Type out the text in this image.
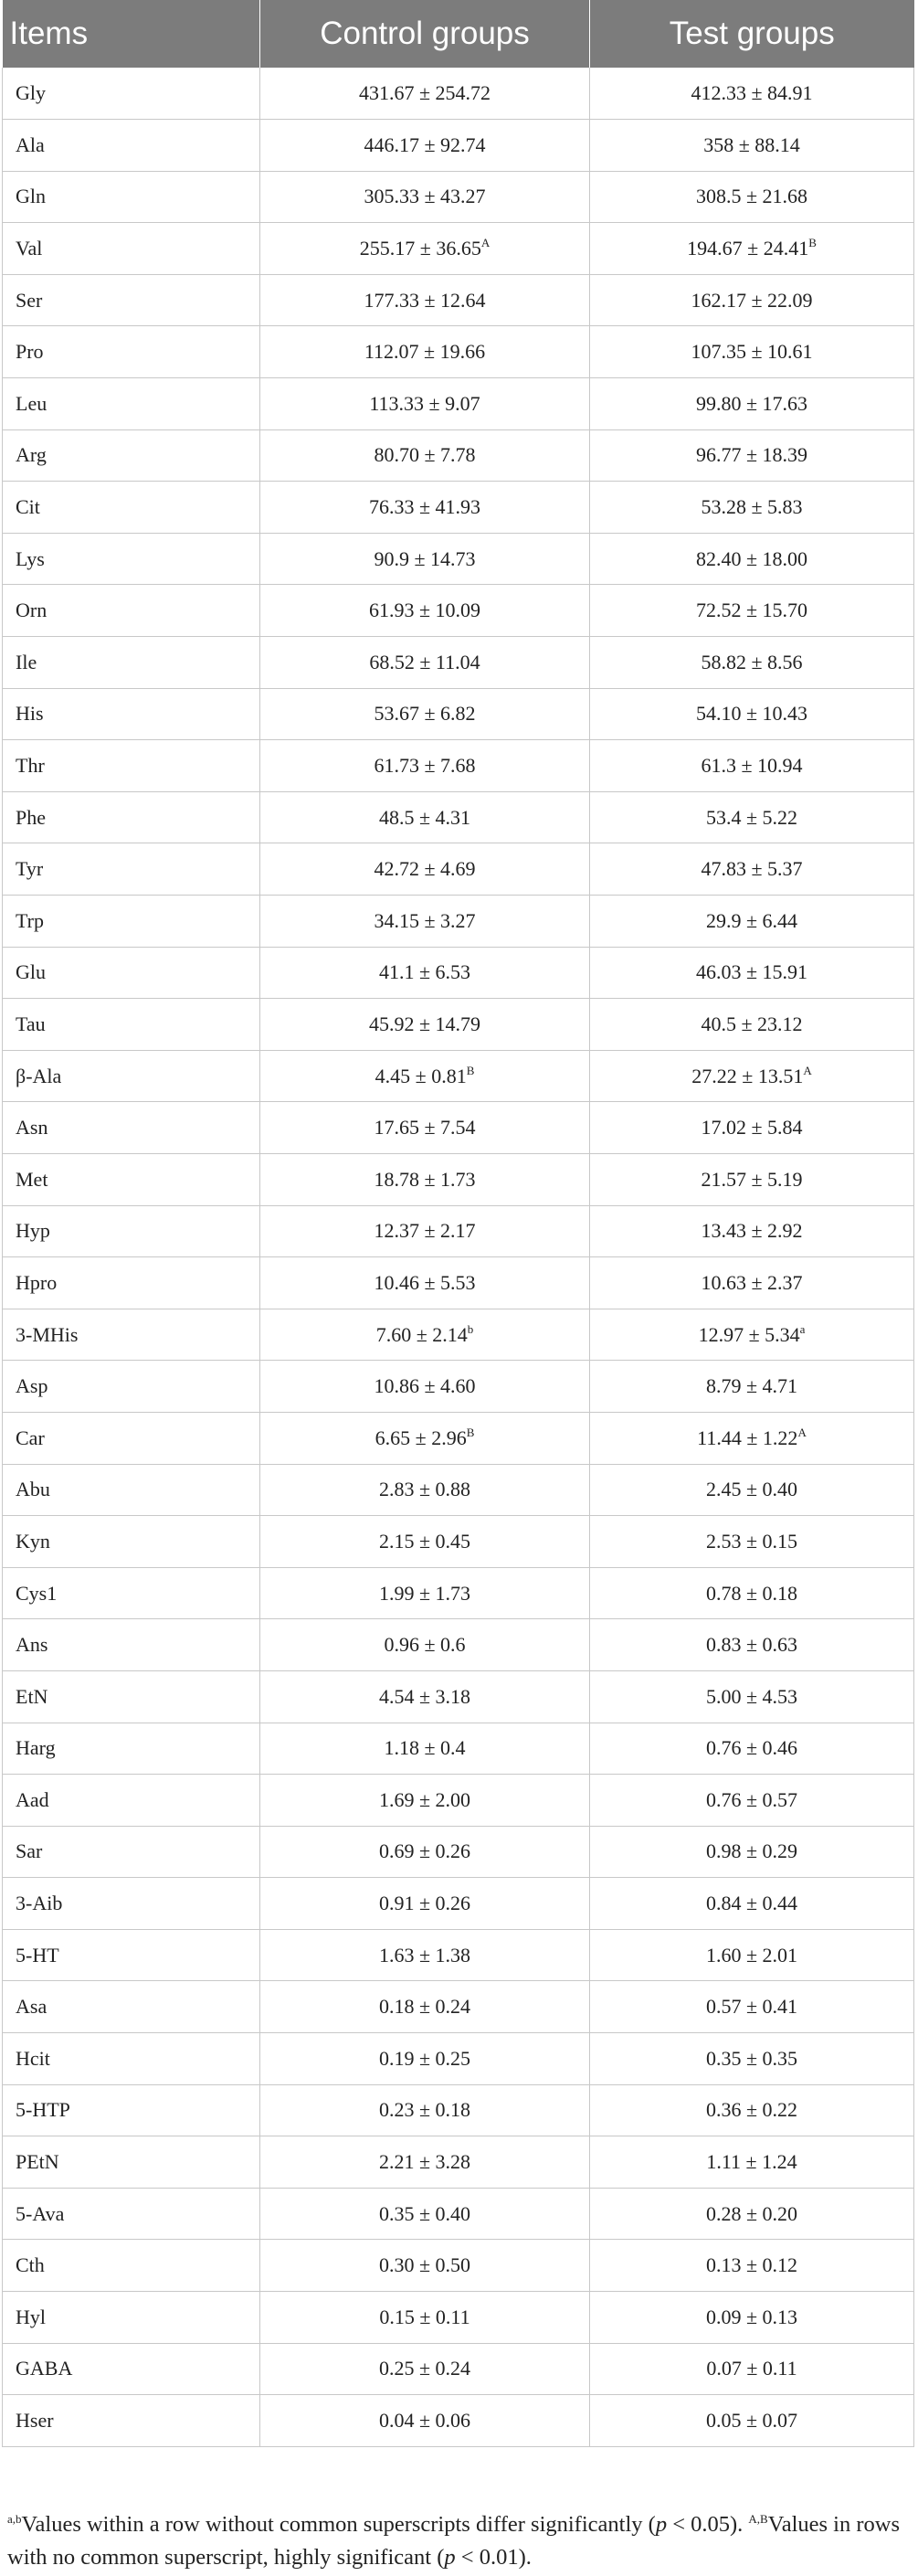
Items	Control groups	Test groups
Gly	431.67 ± 254.72	412.33 ± 84.91
Ala	446.17 ± 92.74	358 ± 88.14
Gln	305.33 ± 43.27	308.5 ± 21.68
Val	$255.17 \pm 36.65^A$	$194.67 \pm 24.41^B$
Ser	177.33 ± 12.64	162.17 ± 22.09
Pro	112.07 ± 19.66	107.35 ± 10.61
Leu	113.33 ± 9.07	99.80 ± 17.63
Arg	80.70 ± 7.78	96.77 ± 18.39
Cit	76.33 ± 41.93	53.28 ± 5.83
Lys	90.9 ± 14.73	82.40 ± 18.00
Orn	61.93 ± 10.09	72.52 ± 15.70
Ile	68.52 ± 11.04	58.82 ± 8.56
His	53.67 ± 6.82	54.10 ± 10.43
Thr	61.73 ± 7.68	61.3 ± 10.94
Phe	48.5 ± 4.31	53.4 ± 5.22
Tyr	42.72 ± 4.69	47.83 ± 5.37
Trp	34.15 ± 3.27	29.9 ± 6.44
Glu	41.1 ± 6.53	46.03 ± 15.91
Tau	45.92 ± 14.79	40.5 ± 23.12
β-Ala	$4.45 \pm 0.81^B$	$27.22 \pm 13.51^A$
Asn	17.65 ± 7.54	17.02 ± 5.84
Met	18.78 ± 1.73	21.57 ± 5.19
Hyp	12.37 ± 2.17	13.43 ± 2.92
Hpro	10.46 ± 5.53	10.63 ± 2.37
3-MHis	7.60 ± 2.14$^b$	12.97 ± 5.34$^a$
Asp	10.86 ± 4.60	8.79 ± 4.71
Car	$6.65 \pm 2.96^B$	$11.44 \pm 1.22^A$
Abu	2.83 ± 0.88	2.45 ± 0.40
Kyn	2.15 ± 0.45	2.53 ± 0.15
Cys1	1.99 ± 1.73	0.78 ± 0.18
Ans	0.96 ± 0.6	0.83 ± 0.63
EtN	4.54 ± 3.18	5.00 ± 4.53
Harg	1.18 ± 0.4	0.76 ± 0.46
Aad	1.69 ± 2.00	0.76 ± 0.57
Sar	0.69 ± 0.26	0.98 ± 0.29
3-Aib	0.91 ± 0.26	0.84 ± 0.44
5-HT	1.63 ± 1.38	1.60 ± 2.01
Asa	0.18 ± 0.24	0.57 ± 0.41
Hcit	0.19 ± 0.25	0.35 ± 0.35
5-HTP	0.23 ± 0.18	0.36 ± 0.22
PEtN	2.21 ± 3.28	1.11 ± 1.24
5-Ava	0.35 ± 0.40	0.28 ± 0.20
Cth	0.30 ± 0.50	0.13 ± 0.12
Hyl	0.15 ± 0.11	0.09 ± 0.13
GABA	0.25 ± 0.24	0.07 ± 0.11
Hser	0.04 ± 0.06	0.05 ± 0.07
$^{a,b}$Values within a row without common superscripts differ significantly (p < 0.05). $^{A,B}$Values in rows with no common superscript, highly significant (p < 0.01).
